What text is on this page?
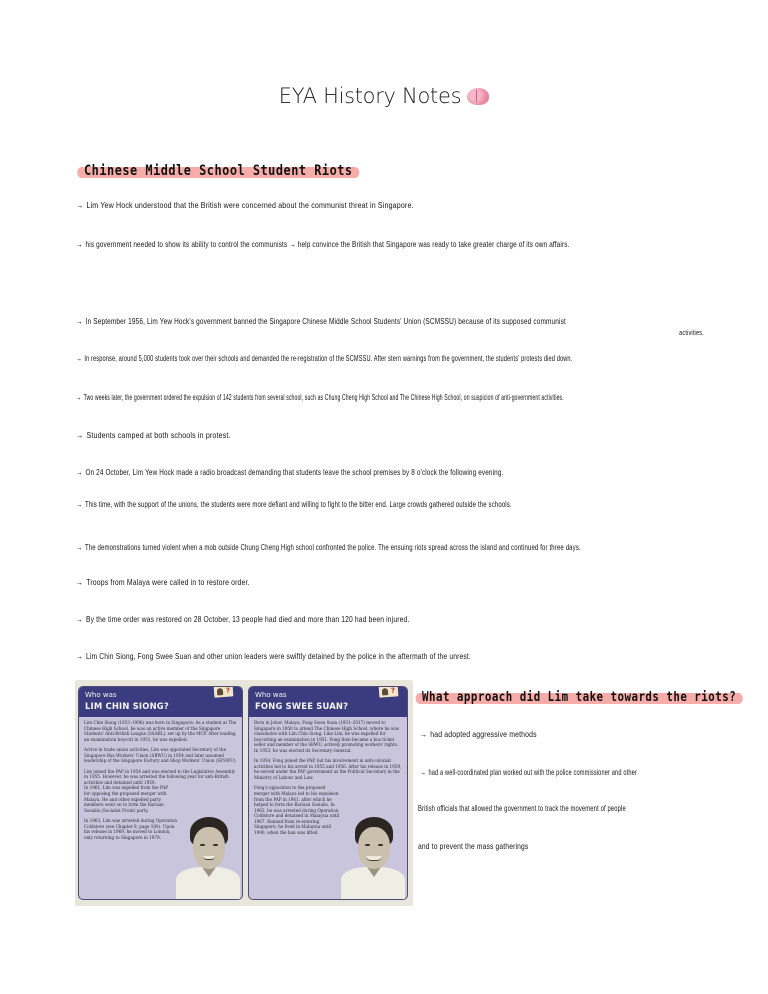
EYA History Notes
Chinese Middle School Student Riots
→ Lim Yew Hock understood that the British were concerned about the communist threat in Singapore.
→ his government needed to show its ability to control the communists → help convince the British that Singapore was ready to take greater charge of its own affairs.
→ In September 1956, Lim Yew Hock's government banned the Singapore Chinese Middle School Students' Union (SCMSSU) because of its supposed communist
activities.
→ In response, around 5,000 students took over their schools and demanded the re-registration of the SCMSSU. After stern warnings from the government, the students' protests died down.
→ Two weeks later, the government ordered the expulsion of 142 students from several school, such as Chung Cheng High School and The Chinese High School, on suspicion of anti-government activities.
→ Students camped at both schools in protest.
→ On 24 October, Lim Yew Hock made a radio broadcast demanding that students leave the school premises by 8 o'clock the following evening.
→ This time, with the support of the unions, the students were more defiant and willing to fight to the bitter end. Large crowds gathered outside the schools.
→ The demonstrations turned violent when a mob outside Chung Cheng High school confronted the police. The ensuing riots spread across the island and continued for three days.
→ Troops from Malaya were called in to restore order.
→ By the time order was restored on 28 October, 13 people had died and more than 120 had been injured.
→ Lim Chin Siong, Fong Swee Suan and other union leaders were swiftly detained by the police in the aftermath of the unrest.
Who was
LIM CHIN SIONG?
?

Lim Chin Siong (1933–1996) was born in Singapore. As a student at The Chinese High School, he was an active member of the Singapore Students' Anti-British League (SSABL), set up by the MCP. After leading an examination boycott in 1951, he was expelled.

Active in trade union activities, Lim was appointed Secretary of the Singapore Bus Workers' Union (SBWU) in 1954 and later assumed leadership of the Singapore Factory and Shop Workers' Union (SFSWU).

Lim joined the PAP in 1954 and was elected to the Legislative Assembly in 1955. However, he was arrested the following year for anti-British activities and detained until 1959.

In 1961, Lim was expelled from the PAP for opposing the proposed merger with Malaya. He and other expelled party members went on to form the Barisan Sosialis (Socialist Front) party.

In 1963, Lim was arrested during Operation Coldstore (see Chapter 8, page 100). Upon his release in 1969, he moved to London, only returning to Singapore in 1979.

Who was
FONG SWEE SUAN?
?

Born in Johor, Malaya, Fong Swee Suan (1931–2017) moved to Singapore in 1950 to attend The Chinese High School, where he was classmates with Lim Chin Siong. Like Lim, he was expelled for boycotting an examination in 1951. Fong then became a bus ticket seller and member of the SBWU, actively promoting workers' rights. In 1953, he was elected its Secretary-General.

In 1954, Fong joined the PAP, but his involvement in anti-colonial activities led to his arrest in 1955 and 1956. After his release in 1959, he served under the PAP government as the Political Secretary in the Ministry of Labour and Law.

Fong's opposition to the proposed merger with Malaya led to his expulsion from the PAP in 1961, after which he helped to form the Barisan Sosialis. In 1963, he was arrested during Operation Coldstore and detained in Malaysia until 1967. Banned from re-entering Singapore, he lived in Malaysia until 1990, when the ban was lifted.

What approach did Lim take towards the riots?
→ had adopted aggressive methods
→ had a well-coordinated plan worked out with the police commissioner and other
British officials that allowed the government to track the movement of people
and to prevent the mass gatherings
